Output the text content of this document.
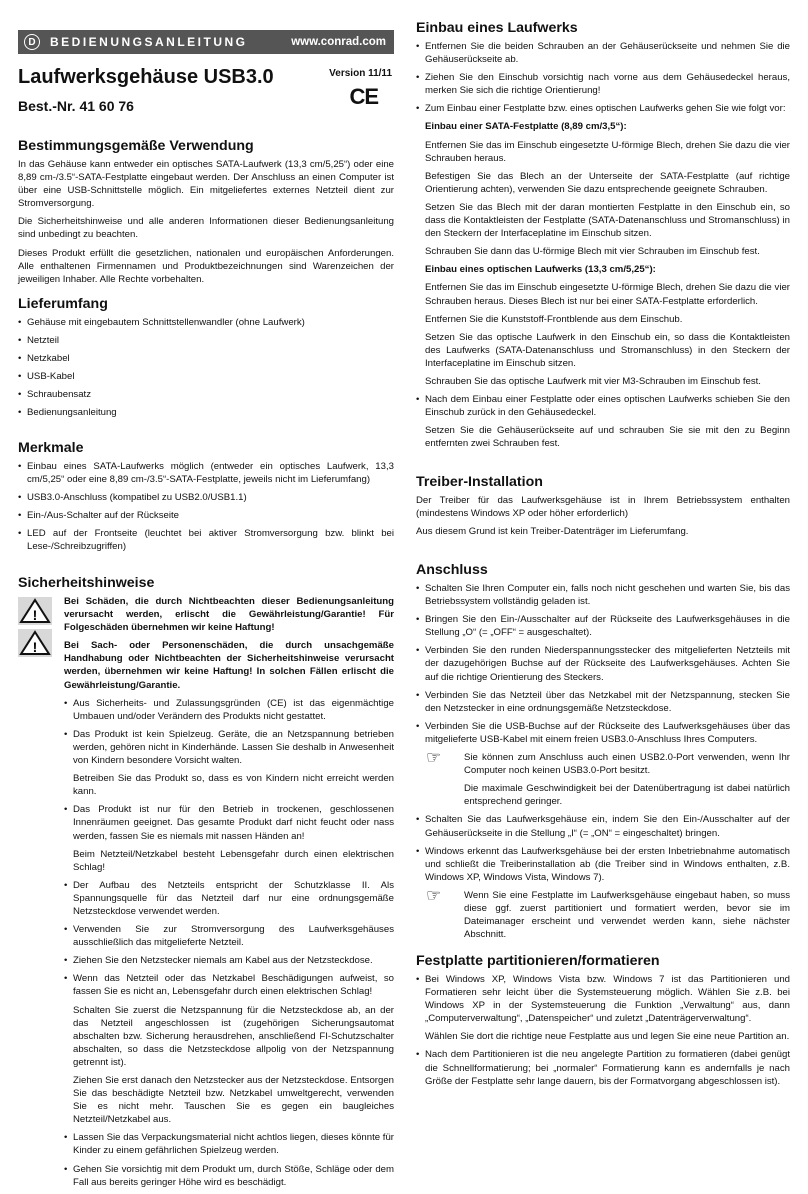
D	BEDIENUNGSANLEITUNG	www.conrad.com
Laufwerksgehäuse USB3.0
Best.-Nr. 41 60 76
Version 11/11
CE
Bestimmungsgemäße Verwendung

In das Gehäuse kann entweder ein optisches SATA-Laufwerk (13,3 cm/5,25“) oder eine 8,89 cm-/3.5“-SATA-Festplatte eingebaut werden. Der Anschluss an einen Computer ist über eine USB-Schnittstelle möglich. Ein mitgeliefertes externes Netzteil dient zur Stromversorgung.

Die Sicherheitshinweise und alle anderen Informationen dieser Bedienungsanleitung sind unbedingt zu beachten.

Dieses Produkt erfüllt die gesetzlichen, nationalen und europäischen Anforderungen. Alle enthaltenen Firmennamen und Produktbezeichnungen sind Warenzeichen der jeweiligen Inhaber. Alle Rechte vorbehalten.

Lieferumfang
• Gehäuse mit eingebautem Schnittstellenwandler (ohne Laufwerk)
• Netzteil
• Netzkabel
• USB-Kabel
• Schraubensatz
• Bedienungsanleitung
Merkmale
• Einbau eines SATA-Laufwerks möglich (entweder ein optisches Laufwerk, 13,3 cm/5,25“ oder eine 8,89 cm-/3.5“-SATA-Festplatte, jeweils nicht im Lieferumfang)
• USB3.0-Anschluss (kompatibel zu USB2.0/USB1.1)
• Ein-/Aus-Schalter auf der Rückseite
• LED auf der Frontseite (leuchtet bei aktiver Stromversorgung bzw. blinkt bei Lese-/Schreibzugriffen)
Sicherheitshinweise
!
!

Bei Schäden, die durch Nichtbeachten dieser Bedienungsanleitung verursacht werden, erlischt die Gewährleistung/Garantie! Für Folgeschäden übernehmen wir keine Haftung!

Bei Sach- oder Personenschäden, die durch unsachgemäße Handhabung oder Nichtbeachten der Sicherheitshinweise verursacht werden, übernehmen wir keine Haftung! In solchen Fällen erlischt die Gewährleistung/Garantie.

• Aus Sicherheits- und Zulassungsgründen (CE) ist das eigenmächtige Umbauen und/oder Verändern des Produkts nicht gestattet.
• Das Produkt ist kein Spielzeug. Geräte, die an Netzspannung betrieben werden, gehören nicht in Kinderhände. Lassen Sie deshalb in Anwesenheit von Kindern besondere Vorsicht walten.

Betreiben Sie das Produkt so, dass es von Kindern nicht erreicht werden kann.

• Das Produkt ist nur für den Betrieb in trockenen, geschlossenen Innenräumen geeignet. Das gesamte Produkt darf nicht feucht oder nass werden, fassen Sie es niemals mit nassen Händen an!

Beim Netzteil/Netzkabel besteht Lebensgefahr durch einen elektrischen Schlag!

• Der Aufbau des Netzteils entspricht der Schutzklasse II. Als Spannungsquelle für das Netzteil darf nur eine ordnungsgemäße Netzsteckdose verwendet werden.
• Verwenden Sie zur Stromversorgung des Laufwerksgehäuses ausschließlich das mitgelieferte Netzteil.
• Ziehen Sie den Netzstecker niemals am Kabel aus der Netzsteckdose.
• Wenn das Netzteil oder das Netzkabel Beschädigungen aufweist, so fassen Sie es nicht an, Lebensgefahr durch einen elektrischen Schlag!

Schalten Sie zuerst die Netzspannung für die Netzsteckdose ab, an der das Netzteil angeschlossen ist (zugehörigen Sicherungsautomat abschalten bzw. Sicherung herausdrehen, anschließend FI-Schutzschalter abschalten, so dass die Netzsteckdose allpolig von der Netzspannung getrennt ist).

Ziehen Sie erst danach den Netzstecker aus der Netzsteckdose. Entsorgen Sie das beschädigte Netzteil bzw. Netzkabel umweltgerecht, verwenden Sie es nicht mehr. Tauschen Sie es gegen ein baugleiches Netzteil/Netzkabel aus.

• Lassen Sie das Verpackungsmaterial nicht achtlos liegen, dieses könnte für Kinder zu einem gefährlichen Spielzeug werden.
• Gehen Sie vorsichtig mit dem Produkt um, durch Stöße, Schläge oder dem Fall aus bereits geringer Höhe wird es beschädigt.
Einbau eines Laufwerks
• Entfernen Sie die beiden Schrauben an der Gehäuserückseite und nehmen Sie die Gehäuserückseite ab.
• Ziehen Sie den Einschub vorsichtig nach vorne aus dem Gehäusedeckel heraus, merken Sie sich die richtige Orientierung!
• Zum Einbau einer Festplatte bzw. eines optischen Laufwerks gehen Sie wie folgt vor:

Einbau einer SATA-Festplatte (8,89 cm/3,5“):

Entfernen Sie das im Einschub eingesetzte U-förmige Blech, drehen Sie dazu die vier Schrauben heraus.

Befestigen Sie das Blech an der Unterseite der SATA-Festplatte (auf richtige Orientierung achten), verwenden Sie dazu entsprechende geeignete Schrauben.

Setzen Sie das Blech mit der daran montierten Festplatte in den Einschub ein, so dass die Kontaktleisten der Festplatte (SATA-Datenanschluss und Stromanschluss) in den Steckern der Interfaceplatine im Einschub sitzen.

Schrauben Sie dann das U-förmige Blech mit vier Schrauben im Einschub fest.

Einbau eines optischen Laufwerks (13,3 cm/5,25“):

Entfernen Sie das im Einschub eingesetzte U-förmige Blech, drehen Sie dazu die vier Schrauben heraus. Dieses Blech ist nur bei einer SATA-Festplatte erforderlich.

Entfernen Sie die Kunststoff-Frontblende aus dem Einschub.

Setzen Sie das optische Laufwerk in den Einschub ein, so dass die Kontaktleisten des Laufwerks (SATA-Datenanschluss und Stromanschluss) in den Steckern der Interfaceplatine im Einschub sitzen.

Schrauben Sie das optische Laufwerk mit vier M3-Schrauben im Einschub fest.

• Nach dem Einbau einer Festplatte oder eines optischen Laufwerks schieben Sie den Einschub zurück in den Gehäusedeckel.

Setzen Sie die Gehäuserückseite auf und schrauben Sie sie mit den zu Beginn entfernten zwei Schrauben fest.

Treiber-Installation

Der Treiber für das Laufwerksgehäuse ist in Ihrem Betriebssystem enthalten (mindestens Windows XP oder höher erforderlich)

Aus diesem Grund ist kein Treiber-Datenträger im Lieferumfang.

Anschluss
• Schalten Sie Ihren Computer ein, falls noch nicht geschehen und warten Sie, bis das Betriebssystem vollständig geladen ist.
• Bringen Sie den Ein-/Ausschalter auf der Rückseite des Laufwerksgehäuses in die Stellung „O“ (= „OFF“ = ausgeschaltet).
• Verbinden Sie den runden Niederspannungsstecker des mitgelieferten Netzteils mit der dazugehörigen Buchse auf der Rückseite des Laufwerksgehäuses. Achten Sie auf die richtige Orientierung des Steckers.
• Verbinden Sie das Netzteil über das Netzkabel mit der Netzspannung, stecken Sie den Netzstecker in eine ordnungsgemäße Netzsteckdose.
• Verbinden Sie die USB-Buchse auf der Rückseite des Laufwerksgehäuses über das mitgelieferte USB-Kabel mit einem freien USB3.0-Anschluss Ihres Computers.
☞ Sie können zum Anschluss auch einen USB2.0-Port verwenden, wenn Ihr Computer noch keinen USB3.0-Port besitzt.

Die maximale Geschwindigkeit bei der Datenübertragung ist dabei natürlich entsprechend geringer.

• Schalten Sie das Laufwerksgehäuse ein, indem Sie den Ein-/Ausschalter auf der Gehäuserückseite in die Stellung „I“ (= „ON“ = eingeschaltet) bringen.
• Windows erkennt das Laufwerksgehäuse bei der ersten Inbetriebnahme automatisch und schließt die Treiberinstallation ab (die Treiber sind in Windows enthalten, z.B. Windows XP, Windows Vista, Windows 7).
☞ Wenn Sie eine Festplatte im Laufwerksgehäuse eingebaut haben, so muss diese ggf. zuerst partitioniert und formatiert werden, bevor sie im Dateimanager erscheint und verwendet werden kann, siehe nächster Abschnitt.

Festplatte partitionieren/formatieren
• Bei Windows XP, Windows Vista bzw. Windows 7 ist das Partitionieren und Formatieren sehr leicht über die Systemsteuerung möglich. Wählen Sie z.B. bei Windows XP in der Systemsteuerung die Funktion „Verwaltung“ aus, dann „Computerverwaltung“, „Datenspeicher“ und zuletzt „Datenträgerverwaltung“.

Wählen Sie dort die richtige neue Festplatte aus und legen Sie eine neue Partition an.

• Nach dem Partitionieren ist die neu angelegte Partition zu formatieren (dabei genügt die Schnellformatierung; bei „normaler“ Formatierung kann es andernfalls je nach Größe der Festplatte sehr lange dauern, bis der Formatvorgang abgeschlossen ist).
